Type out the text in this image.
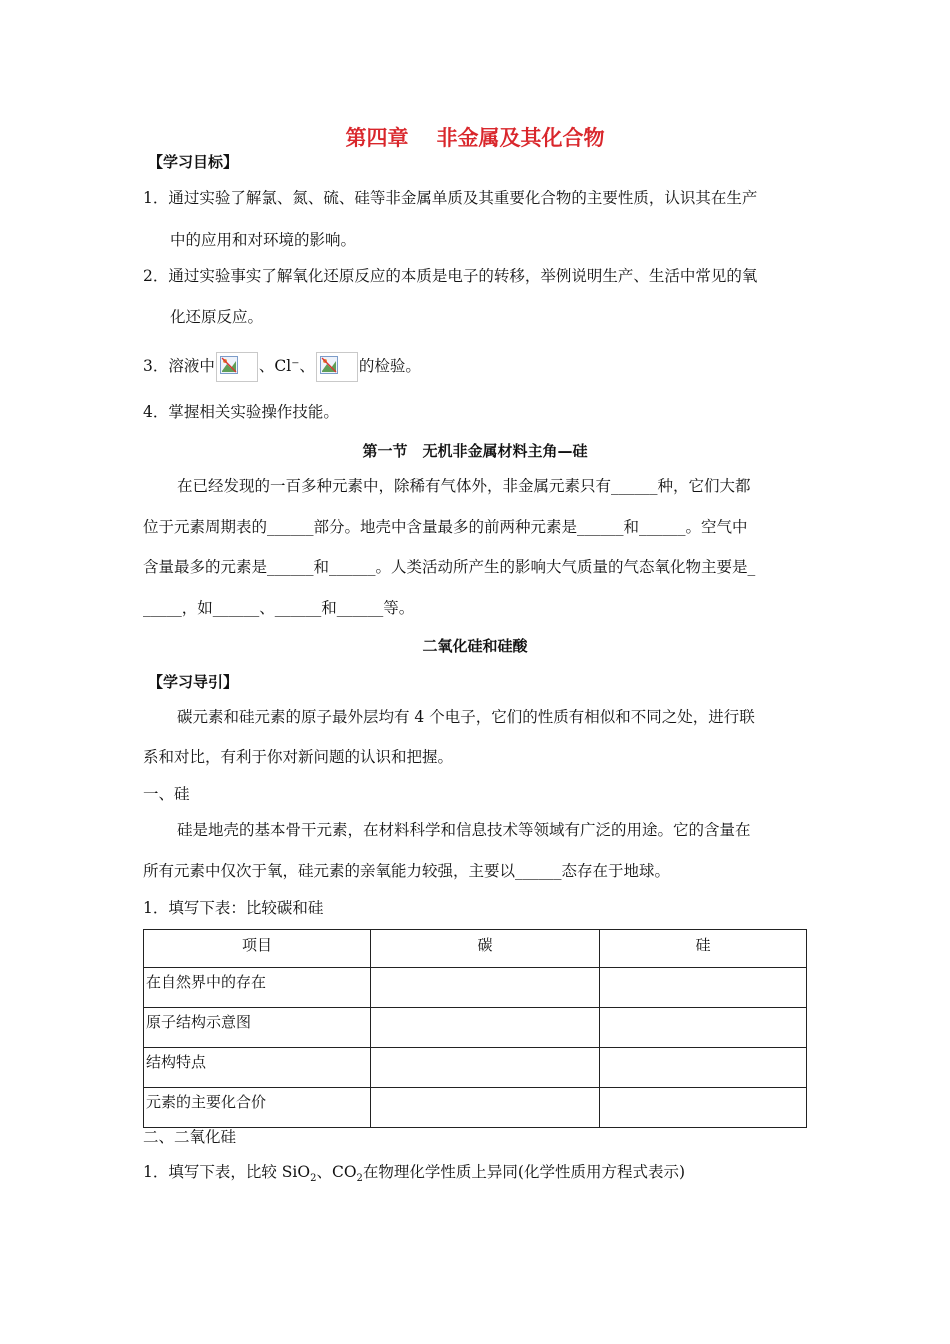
第四章 非金属及其化合物
【学习目标】
1．通过实验了解氯、氮、硫、硅等非金属单质及其重要化合物的主要性质，认识其在生产
中的应用和对环境的影响。
2．通过实验事实了解氧化还原反应的本质是电子的转移，举例说明生产、生活中常见的氧
化还原反应。
3．溶液中	、Cl⁻、	的检验。
4．掌握相关实验操作技能。
第一节　无机非金属材料主角—硅
在已经发现的一百多种元素中，除稀有气体外，非金属元素只有______种，它们大都
位于元素周期表的______部分。地壳中含量最多的前两种元素是______和______。空气中
含量最多的元素是______和______。人类活动所产生的影响大气质量的气态氧化物主要是_
_____，如______、______和______等。
二氧化硅和硅酸
【学习导引】
碳元素和硅元素的原子最外层均有 4 个电子，它们的性质有相似和不同之处，进行联
系和对比，有利于你对新问题的认识和把握。
一、硅
硅是地壳的基本骨干元素，在材料科学和信息技术等领域有广泛的用途。它的含量在
所有元素中仅次于氧，硅元素的亲氧能力较强，主要以______态存在于地球。
1．填写下表：比较碳和硅
项目	碳	硅
在自然界中的存在		
原子结构示意图		
结构特点		
元素的主要化合价		
二、二氧化硅
1．填写下表，比较 SiO$_2$、$CO_2$在物理化学性质上异同(化学性质用方程式表示)
